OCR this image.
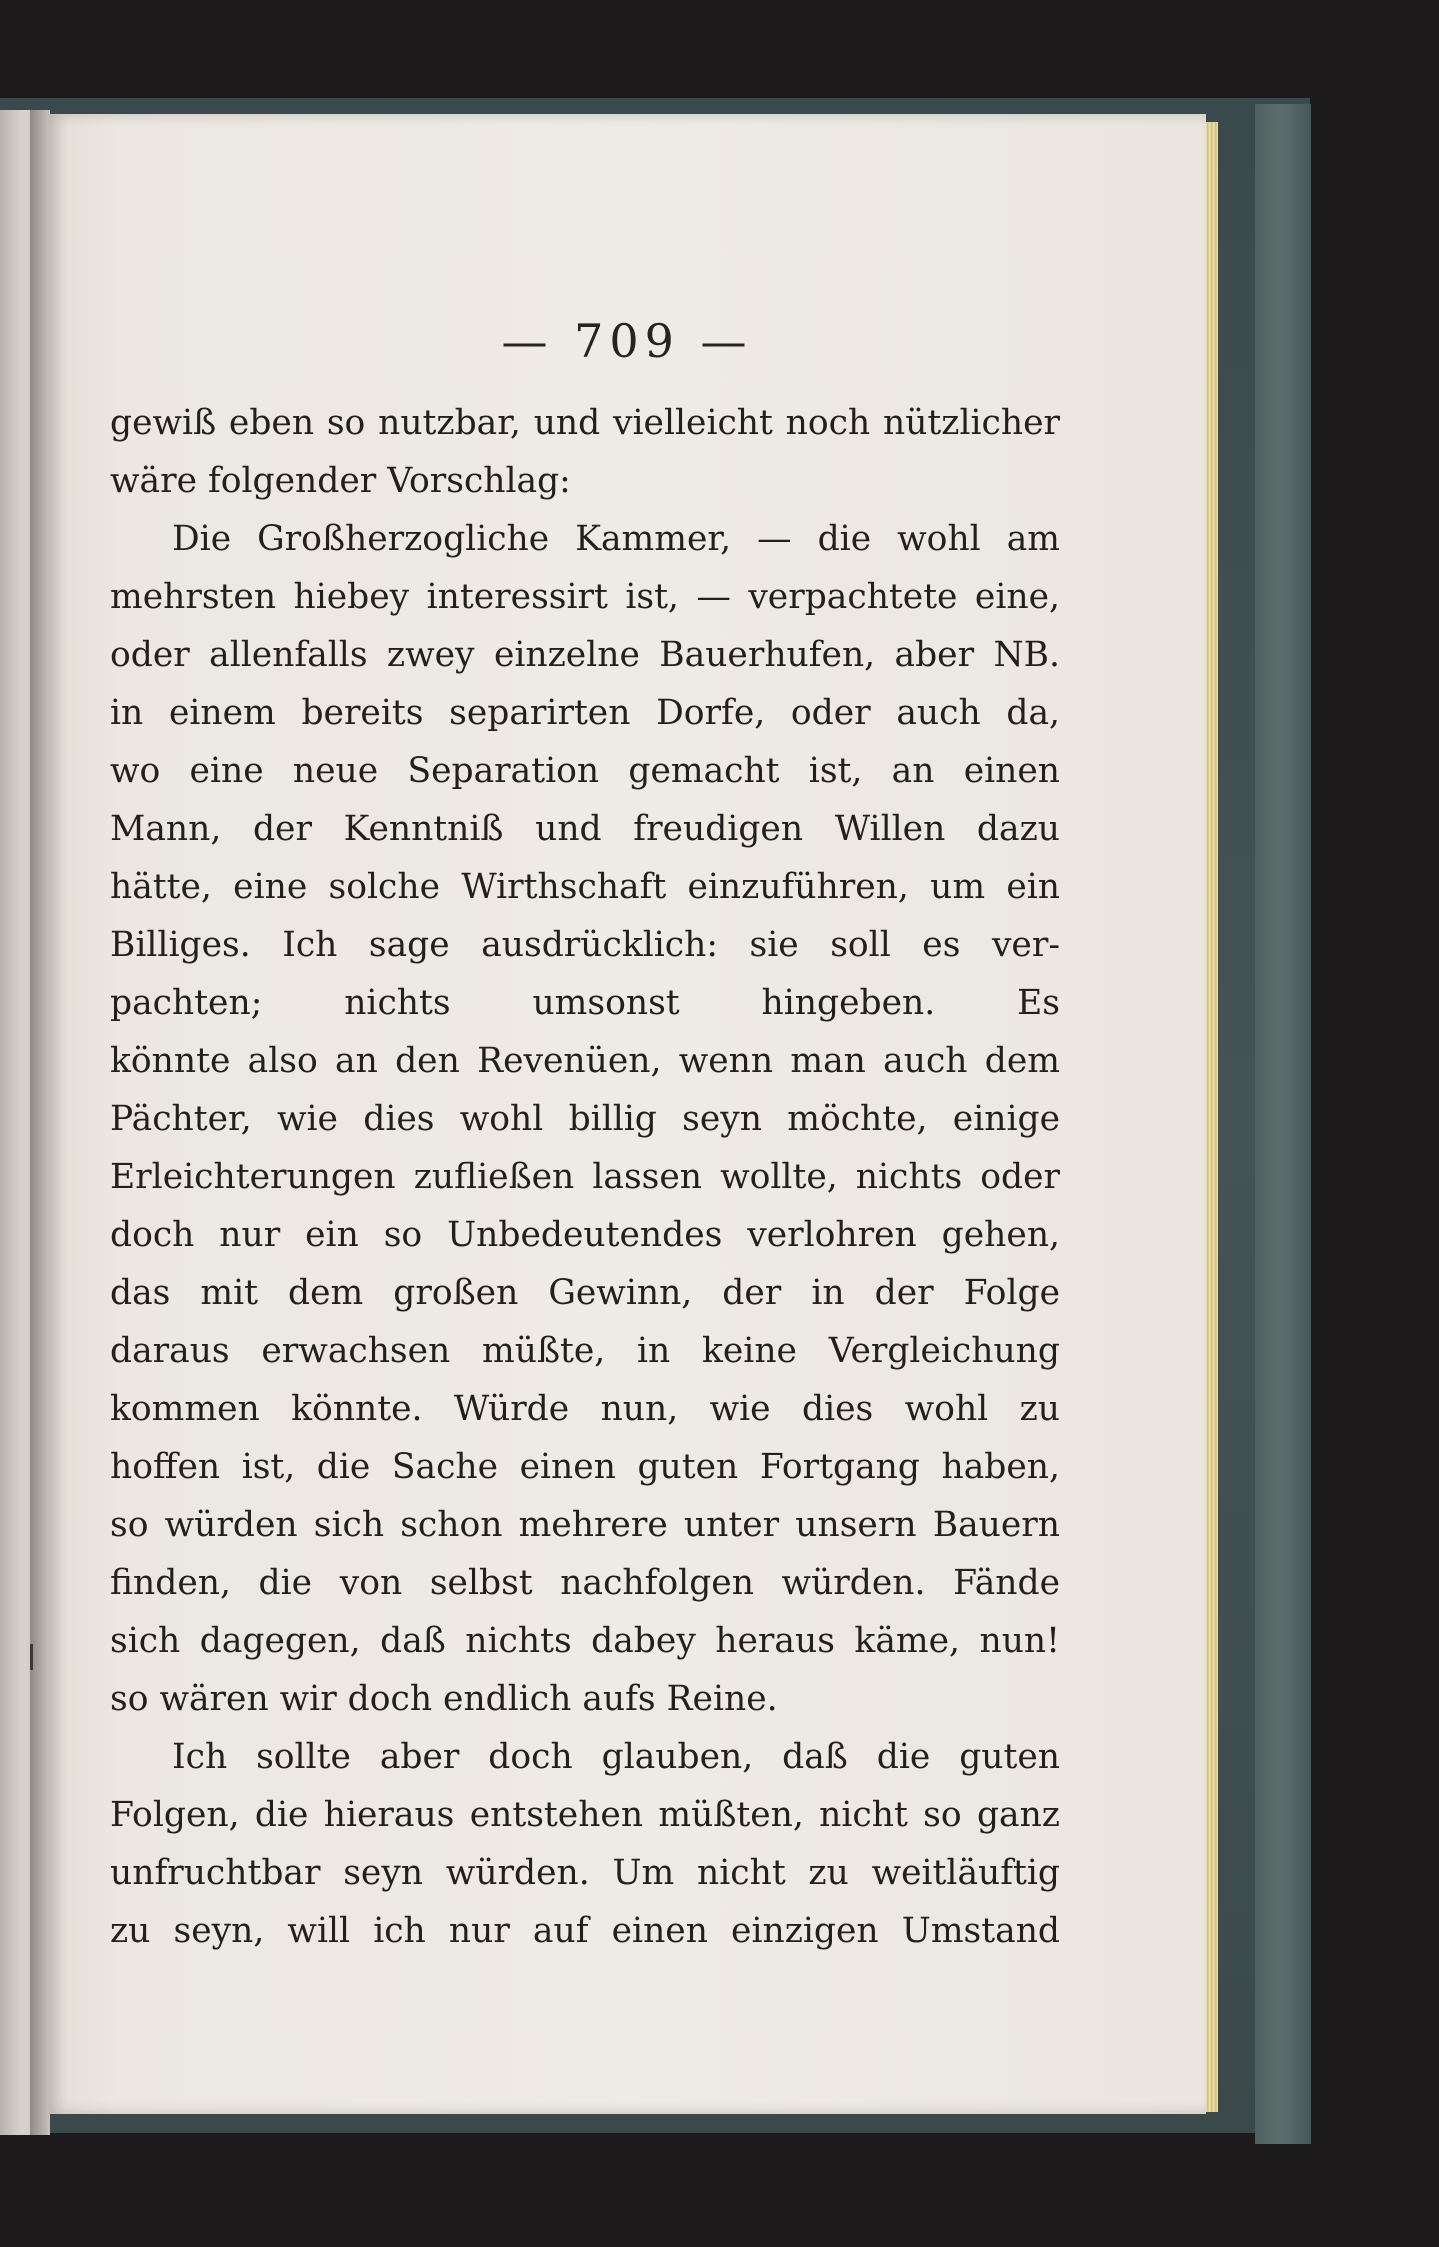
— 709 —
gewiß eben so nutzbar, und vielleicht noch nützlicher
wäre folgender Vorschlag:
Die Großherzogliche Kammer, — die wohl am
mehrsten hiebey interessirt ist, — verpachtete eine,
oder allenfalls zwey einzelne Bauerhufen, aber NB.
in einem bereits separirten Dorfe, oder auch da,
wo eine neue Separation gemacht ist, an einen
Mann, der Kenntniß und freudigen Willen dazu
hätte, eine solche Wirthschaft einzuführen, um ein
Billiges. Ich sage ausdrücklich: sie soll es ver-
pachten; nichts umsonst hingeben. Es
könnte also an den Revenüen, wenn man auch dem
Pächter, wie dies wohl billig seyn möchte, einige
Erleichterungen zufließen lassen wollte, nichts oder
doch nur ein so Unbedeutendes verlohren gehen,
das mit dem großen Gewinn, der in der Folge
daraus erwachsen müßte, in keine Vergleichung
kommen könnte. Würde nun, wie dies wohl zu
hoffen ist, die Sache einen guten Fortgang haben,
so würden sich schon mehrere unter unsern Bauern
finden, die von selbst nachfolgen würden. Fände
sich dagegen, daß nichts dabey heraus käme, nun!
so wären wir doch endlich aufs Reine.
Ich sollte aber doch glauben, daß die guten
Folgen, die hieraus entstehen müßten, nicht so ganz
unfruchtbar seyn würden. Um nicht zu weitläuftig
zu seyn, will ich nur auf einen einzigen Umstand
